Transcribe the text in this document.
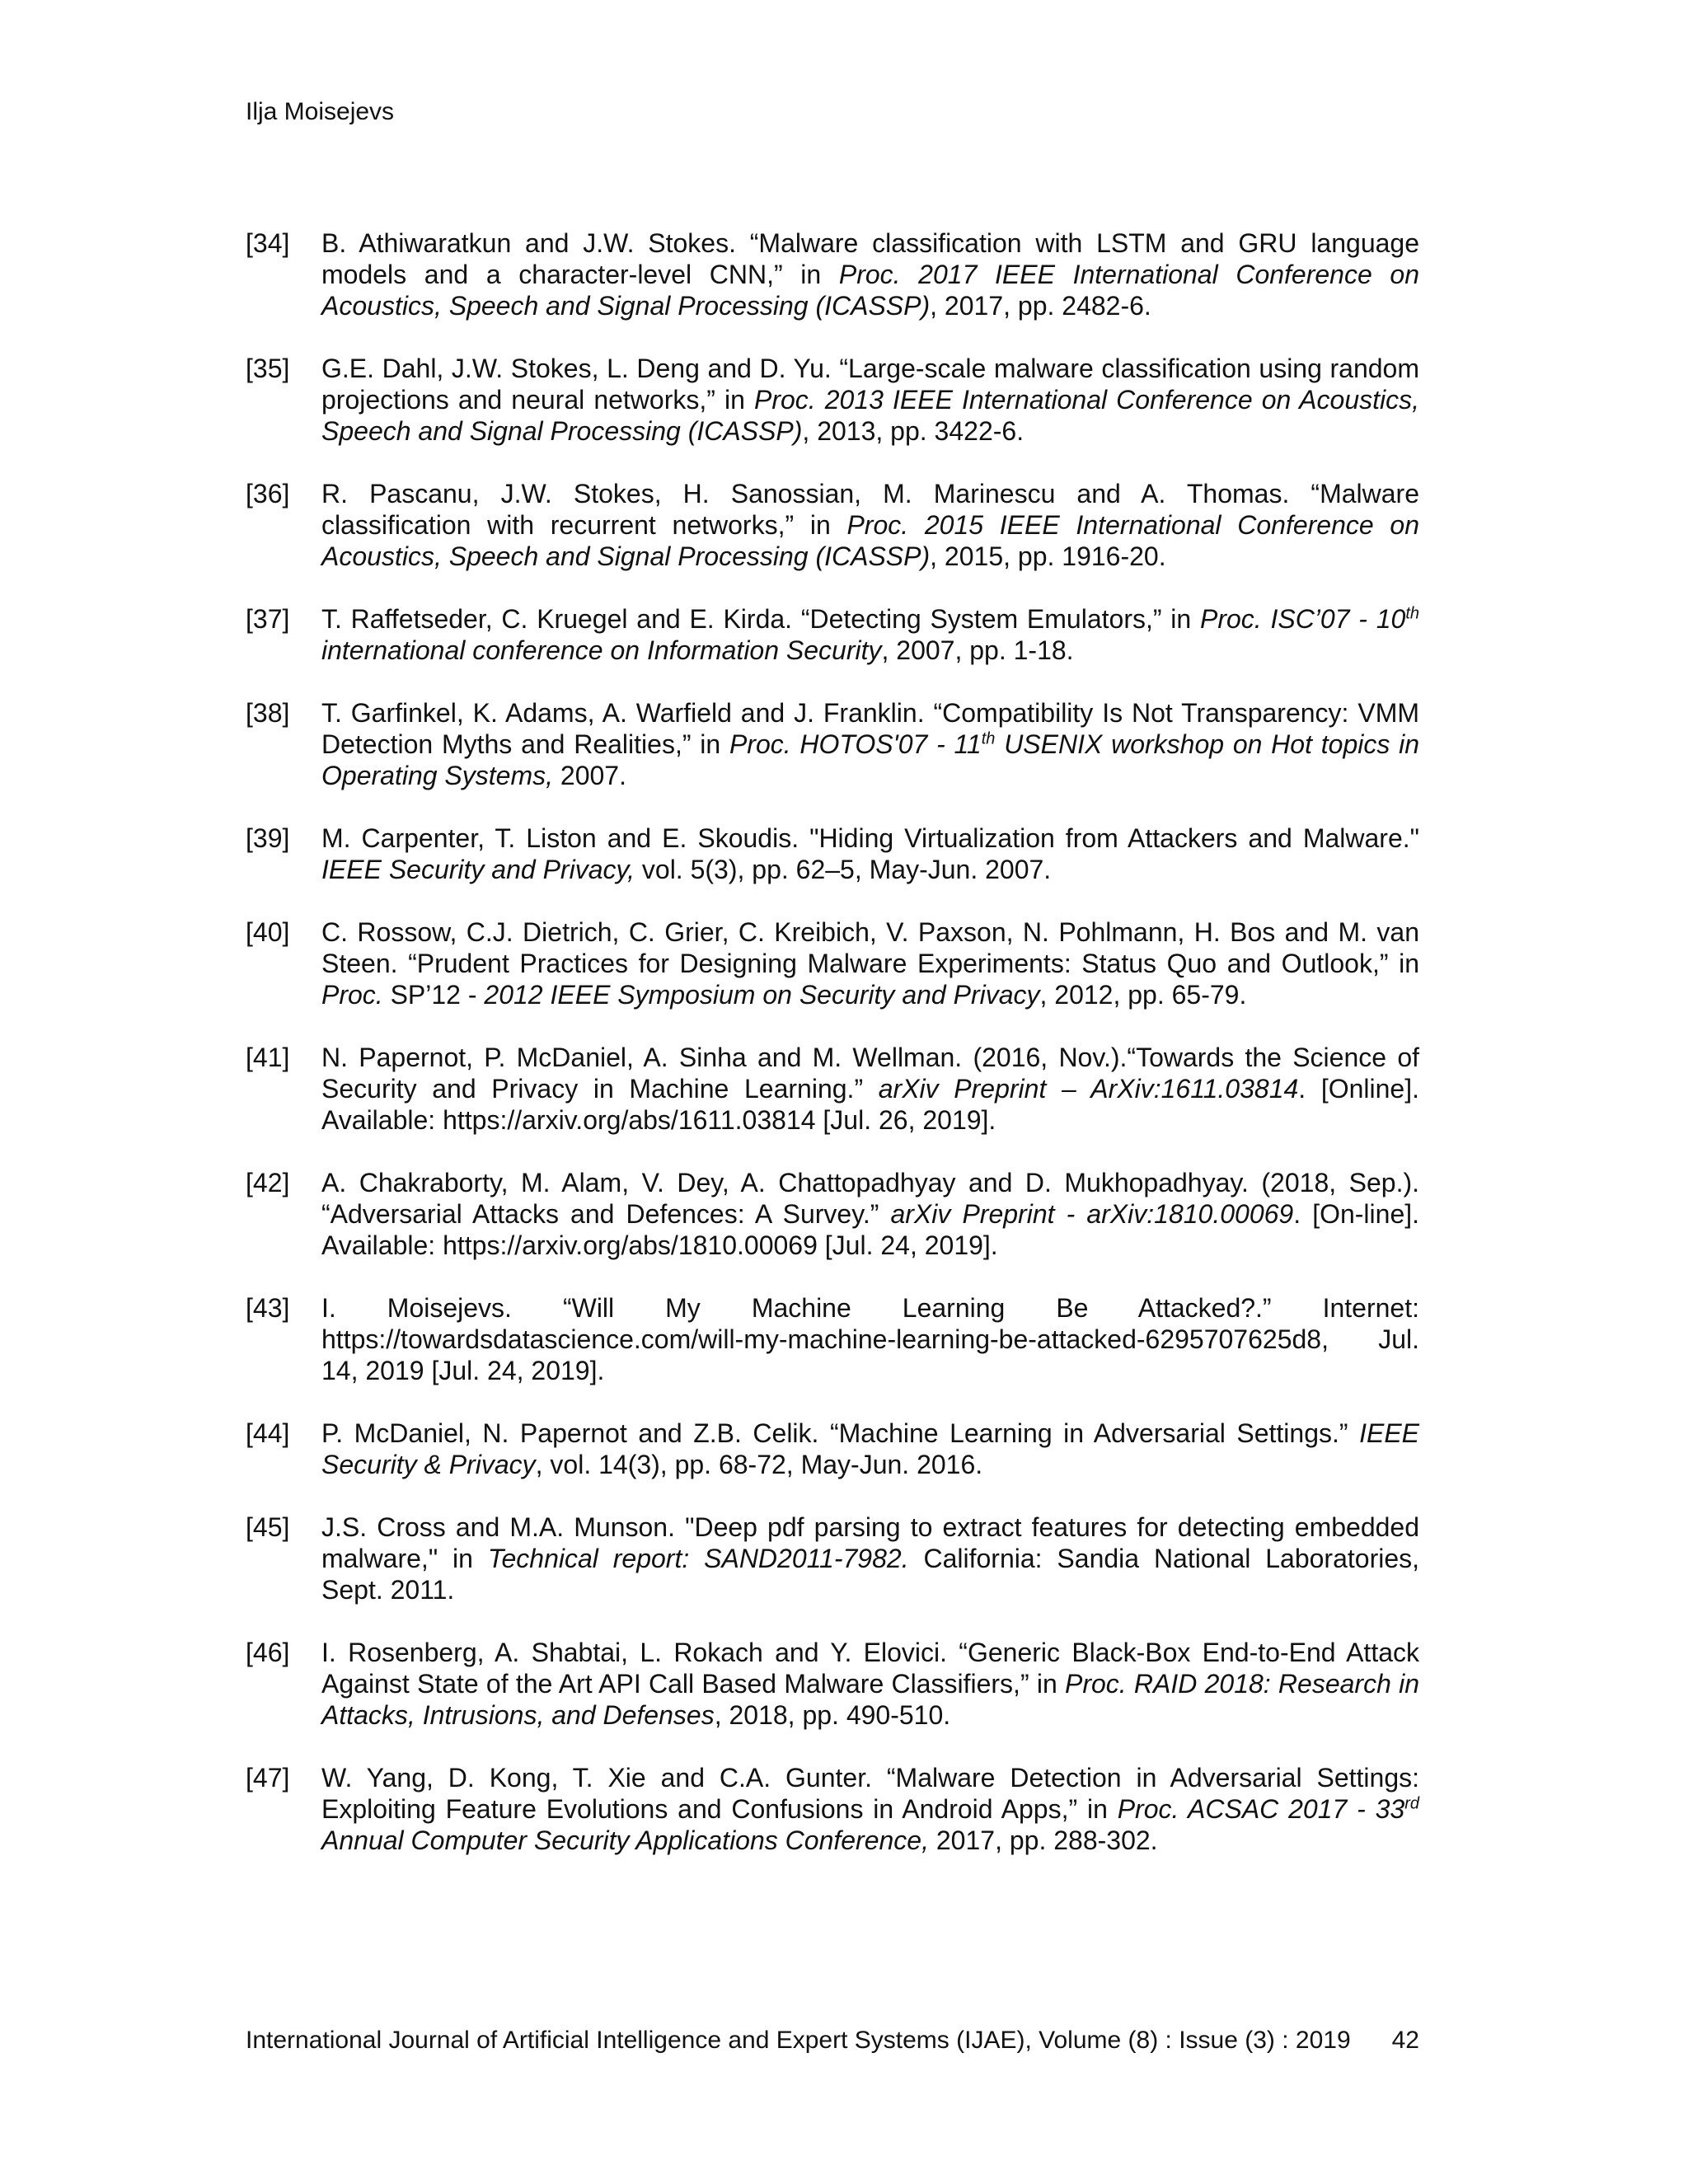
Ilja Moisejevs
[34] B. Athiwaratkun and J.W. Stokes. “Malware classification with LSTM and GRU language models and a character-level CNN,” in Proc. 2017 IEEE International Conference on Acoustics, Speech and Signal Processing (ICASSP), 2017, pp. 2482-6.
[35] G.E. Dahl, J.W. Stokes, L. Deng and D. Yu. “Large-scale malware classification using random projections and neural networks,” in Proc. 2013 IEEE International Conference on Acoustics, Speech and Signal Processing (ICASSP), 2013, pp. 3422-6.
[36] R. Pascanu, J.W. Stokes, H. Sanossian, M. Marinescu and A. Thomas. “Malware classification with recurrent networks,” in Proc. 2015 IEEE International Conference on Acoustics, Speech and Signal Processing (ICASSP), 2015, pp. 1916-20.
[37] T. Raffetseder, C. Kruegel and E. Kirda. “Detecting System Emulators,” in Proc. ISC’07 - 10th international conference on Information Security, 2007, pp. 1-18.
[38] T. Garfinkel, K. Adams, A. Warfield and J. Franklin. “Compatibility Is Not Transparency: VMM Detection Myths and Realities,” in Proc. HOTOS'07 - 11th USENIX workshop on Hot topics in Operating Systems, 2007.
[39] M. Carpenter, T. Liston and E. Skoudis. "Hiding Virtualization from Attackers and Malware." IEEE Security and Privacy, vol. 5(3), pp. 62–5, May-Jun. 2007.
[40] C. Rossow, C.J. Dietrich, C. Grier, C. Kreibich, V. Paxson, N. Pohlmann, H. Bos and M. van Steen. “Prudent Practices for Designing Malware Experiments: Status Quo and Outlook,” in Proc. SP’12 - 2012 IEEE Symposium on Security and Privacy, 2012, pp. 65-79.
[41] N. Papernot, P. McDaniel, A. Sinha and M. Wellman. (2016, Nov.).“Towards the Science of Security and Privacy in Machine Learning.” arXiv Preprint – ArXiv:1611.03814. [Online]. Available: https://arxiv.org/abs/1611.03814 [Jul. 26, 2019].
[42] A. Chakraborty, M. Alam, V. Dey, A. Chattopadhyay and D. Mukhopadhyay. (2018, Sep.). “Adversarial Attacks and Defences: A Survey.” arXiv Preprint - arXiv:1810.00069. [On-line]. Available: https://arxiv.org/abs/1810.00069 [Jul. 24, 2019].
[43] I. Moisejevs. “Will My Machine Learning Be Attacked?.” Internet: https://towardsdatascience.com/will-my-machine-learning-be-attacked-6295707625d8, Jul. 14, 2019 [Jul. 24, 2019].
[44] P. McDaniel, N. Papernot and Z.B. Celik. “Machine Learning in Adversarial Settings.” IEEE Security & Privacy, vol. 14(3), pp. 68-72, May-Jun. 2016.
[45] J.S. Cross and M.A. Munson. "Deep pdf parsing to extract features for detecting embedded malware," in Technical report: SAND2011-7982. California: Sandia National Laboratories, Sept. 2011.
[46] I. Rosenberg, A. Shabtai, L. Rokach and Y. Elovici. “Generic Black-Box End-to-End Attack Against State of the Art API Call Based Malware Classifiers,” in Proc. RAID 2018: Research in Attacks, Intrusions, and Defenses, 2018, pp. 490-510.
[47] W. Yang, D. Kong, T. Xie and C.A. Gunter. “Malware Detection in Adversarial Settings: Exploiting Feature Evolutions and Confusions in Android Apps,” in Proc. ACSAC 2017 - 33rd Annual Computer Security Applications Conference, 2017, pp. 288-302.
International Journal of Artificial Intelligence and Expert Systems (IJAE), Volume (8) : Issue (3) : 2019 42
